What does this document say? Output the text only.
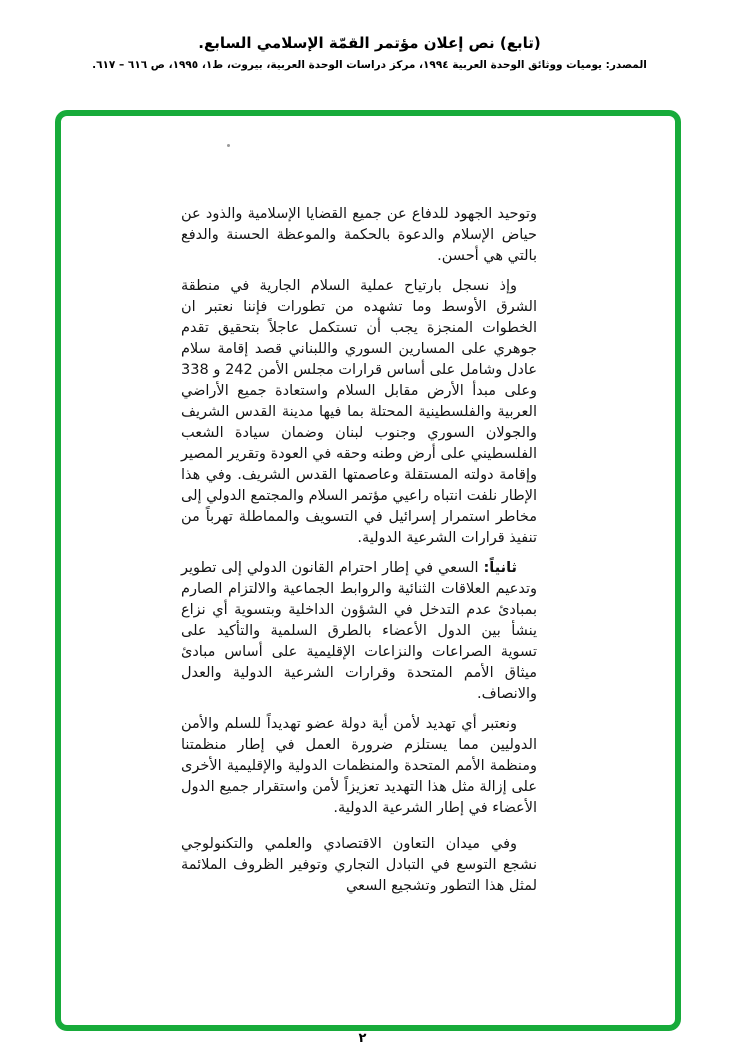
(تابع) نص إعلان مؤتمر القمّة الإسلامي السابع.
المصدر: يوميات ووثائق الوحدة العربية ١٩٩٤، مركز دراسات الوحدة العربية، بيروت، ط١، ١٩٩٥، ص ٦١٦ – ٦١٧.

وتوحيد الجهود للدفاع عن جميع القضايا الإسلامية والذود عن حياض الإسلام والدعوة بالحكمة والموعظة الحسنة والدفع بالتي هي أحسن.

وإذ نسجل بارتياح عملية السلام الجارية في منطقة الشرق الأوسط وما تشهده من تطورات فإننا نعتبر ان الخطوات المنجزة يجب أن تستكمل عاجلاً بتحقيق تقدم جوهري على المسارين السوري واللبناني قصد إقامة سلام عادل وشامل على أساس قرارات مجلس الأمن 242 و 338 وعلى مبدأ الأرض مقابل السلام واستعادة جميع الأراضي العربية والفلسطينية المحتلة بما فيها مدينة القدس الشريف والجولان السوري وجنوب لبنان وضمان سيادة الشعب الفلسطيني على أرض وطنه وحقه في العودة وتقرير المصير وإقامة دولته المستقلة وعاصمتها القدس الشريف. وفي هذا الإطار نلفت انتباه راعيي مؤتمر السلام والمجتمع الدولي إلى مخاطر استمرار إسرائيل في التسويف والمماطلة تهرباً من تنفيذ قرارات الشرعية الدولية.

ثانياً: السعي في إطار احترام القانون الدولي إلى تطوير وتدعيم العلاقات الثنائية والروابط الجماعية والالتزام الصارم بمبادئ عدم التدخل في الشؤون الداخلية وبتسوية أي نزاع ينشأ بين الدول الأعضاء بالطرق السلمية والتأكيد على تسوية الصراعات والنزاعات الإقليمية على أساس مبادئ ميثاق الأمم المتحدة وقرارات الشرعية الدولية والعدل والانصاف.

ونعتبر أي تهديد لأمن أية دولة عضو تهديداً للسلم والأمن الدوليين مما يستلزم ضرورة العمل في إطار منظمتنا ومنظمة الأمم المتحدة والمنظمات الدولية والإقليمية الأخرى على إزالة مثل هذا التهديد تعزيزاً لأمن واستقرار جميع الدول الأعضاء في إطار الشرعية الدولية.

وفي ميدان التعاون الاقتصادي والعلمي والتكنولوجي نشجع التوسع في التبادل التجاري وتوفير الظروف الملائمة لمثل هذا التطور وتشجيع السعي

٢
